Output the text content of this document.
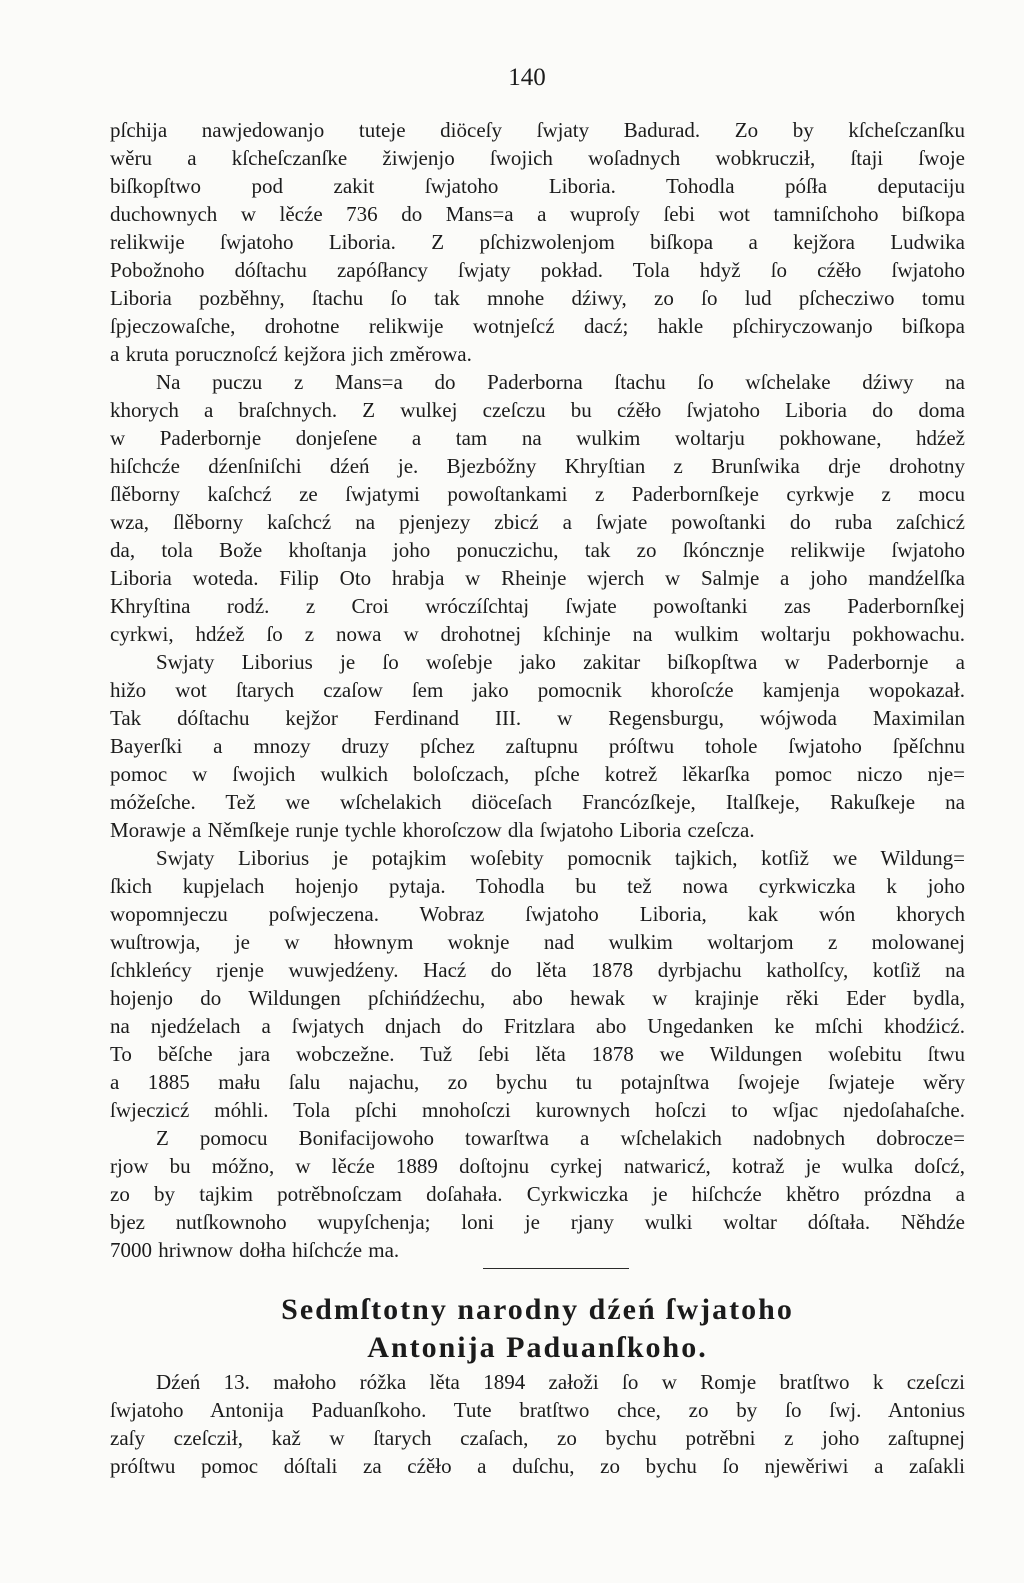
140
pſchija nawjedowanjo tuteje diöceſy ſwjaty Badurad. Zo by kſcheſczanſku
wěru a kſcheſczanſke žiwjenjo ſwojich woſadnych wobkrucził, ſtaji ſwoje
biſkopſtwo pod zakit ſwjatoho Liboria. Tohodla póſła deputaciju
duchownych w lěcźe 736 do Mans=a a wuproſy ſebi wot tamniſchoho biſkopa
relikwije ſwjatoho Liboria. Z pſchizwolenjom biſkopa a kejžora Ludwika
Pobožnoho dóſtachu zapóſłancy ſwjaty pokład. Tola hdyž ſo cźěło ſwjatoho
Liboria pozběhny, ſtachu ſo tak mnohe dźiwy, zo ſo lud pſchecziwo tomu
ſpjeczowaſche, drohotne relikwije wotnjeſcź dacź; hakle pſchiryczowanjo biſkopa
a kruta porucznoſcź kejžora jich změrowa.
Na puczu z Mans=a do Paderborna ſtachu ſo wſchelake dźiwy na
khorych a braſchnych. Z wulkej czeſczu bu cźěło ſwjatoho Liboria do doma
w Paderbornje donjeſene a tam na wulkim woltarju pokhowane, hdźež
hiſchcźe dźenſniſchi dźeń je. Bjezbóžny Khryſtian z Brunſwika drje drohotny
ſlěborny kaſchcź ze ſwjatymi powoſtankami z Paderbornſkeje cyrkwje z mocu
wza, ſlěborny kaſchcź na pjenjezy zbicź a ſwjate powoſtanki do ruba zaſchicź
da, tola Bože khoſtanja joho ponuczichu, tak zo ſkóncznje relikwije ſwjatoho
Liboria woteda. Filip Oto hrabja w Rheinje wjerch w Salmje a joho mandźelſka
Khryſtina rodź. z Croi wróczíſchtaj ſwjate powoſtanki zas Paderbornſkej
cyrkwi, hdźež ſo z nowa w drohotnej kſchinje na wulkim woltarju pokhowachu.
Swjaty Liborius je ſo woſebje jako zakitar biſkopſtwa w Paderbornje a
hižo wot ſtarych czaſow ſem jako pomocnik khoroſcźe kamjenja wopokazał.
Tak dóſtachu kejžor Ferdinand III. w Regensburgu, wójwoda Maximilan
Bayerſki a mnozy druzy pſchez zaſtupnu próſtwu tohole ſwjatoho ſpěſchnu
pomoc w ſwojich wulkich boloſczach, pſche kotrež lěkarſka pomoc niczo nje=
móžeſche. Tež we wſchelakich diöceſach Francózſkeje, Italſkeje, Rakuſkeje na
Morawje a Němſkeje runje tychle khoroſczow dla ſwjatoho Liboria czeſcza.
Swjaty Liborius je potajkim woſebity pomocnik tajkich, kotſiž we Wildung=
ſkich kupjelach hojenjo pytaja. Tohodla bu tež nowa cyrkwiczka k joho
wopomnjeczu poſwjeczena. Wobraz ſwjatoho Liboria, kak wón khorych
wuſtrowja, je w hłownym woknje nad wulkim woltarjom z molowanej
ſchkleńcy rjenje wuwjedźeny. Hacź do lěta 1878 dyrbjachu katholſcy, kotſiž na
hojenjo do Wildungen pſchińdźechu, abo hewak w krajinje rěki Eder bydla,
na njedźelach a ſwjatych dnjach do Fritzlara abo Ungedanken ke mſchi khodźicź.
To běſche jara wobczežne. Tuž ſebi lěta 1878 we Wildungen woſebitu ſtwu
a 1885 mału ſalu najachu, zo bychu tu potajnſtwa ſwojeje ſwjateje wěry
ſwjeczicź móhli. Tola pſchi mnohoſczi kurownych hoſczi to wſjac njedoſahaſche.
Z pomocu Bonifacijowoho towarſtwa a wſchelakich nadobnych dobrocze=
rjow bu móžno, w lěcźe 1889 doſtojnu cyrkej natwaricź, kotraž je wulka doſcź,
zo by tajkim potrěbnoſczam doſahała. Cyrkwiczka je hiſchcźe khětro prózdna a
bjez nutſkownoho wupyſchenja; loni je rjany wulki woltar dóſtała. Něhdźe
7000 hriwnow dołha hiſchcźe ma.
Sedmſtotny narodny dźeń ſwjatoho
Antonija Paduanſkoho.
Dźeń 13. małoho róžka lěta 1894 załoži ſo w Romje bratſtwo k czeſczi
ſwjatoho Antonija Paduanſkoho. Tute bratſtwo chce, zo by ſo ſwj. Antonius
zaſy czeſcził, kaž w ſtarych czaſach, zo bychu potrěbni z joho zaſtupnej
próſtwu pomoc dóſtali za cźěło a duſchu, zo bychu ſo njewěriwi a zaſakli
